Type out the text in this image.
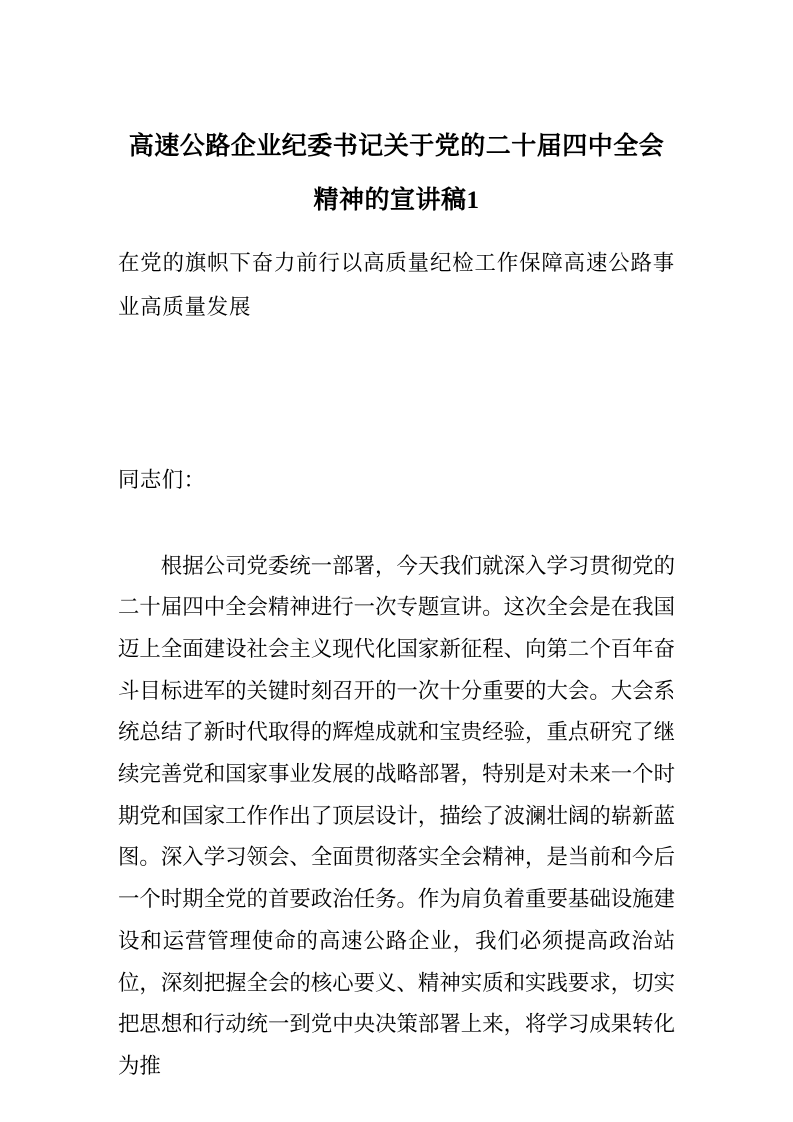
高速公路企业纪委书记关于党的二十届四中全会精神的宣讲稿1

在党的旗帜下奋力前行以高质量纪检工作保障高速公路事业高质量发展

同志们：

根据公司党委统一部署，今天我们就深入学习贯彻党的二十届四中全会精神进行一次专题宣讲。这次全会是在我国迈上全面建设社会主义现代化国家新征程、向第二个百年奋斗目标进军的关键时刻召开的一次十分重要的大会。大会系统总结了新时代取得的辉煌成就和宝贵经验，重点研究了继续完善党和国家事业发展的战略部署，特别是对未来一个时期党和国家工作作出了顶层设计，描绘了波澜壮阔的崭新蓝图。深入学习领会、全面贯彻落实全会精神，是当前和今后一个时期全党的首要政治任务。作为肩负着重要基础设施建设和运营管理使命的高速公路企业，我们必须提高政治站位，深刻把握全会的核心要义、精神实质和实践要求，切实把思想和行动统一到党中央决策部署上来，将学习成果转化为推
